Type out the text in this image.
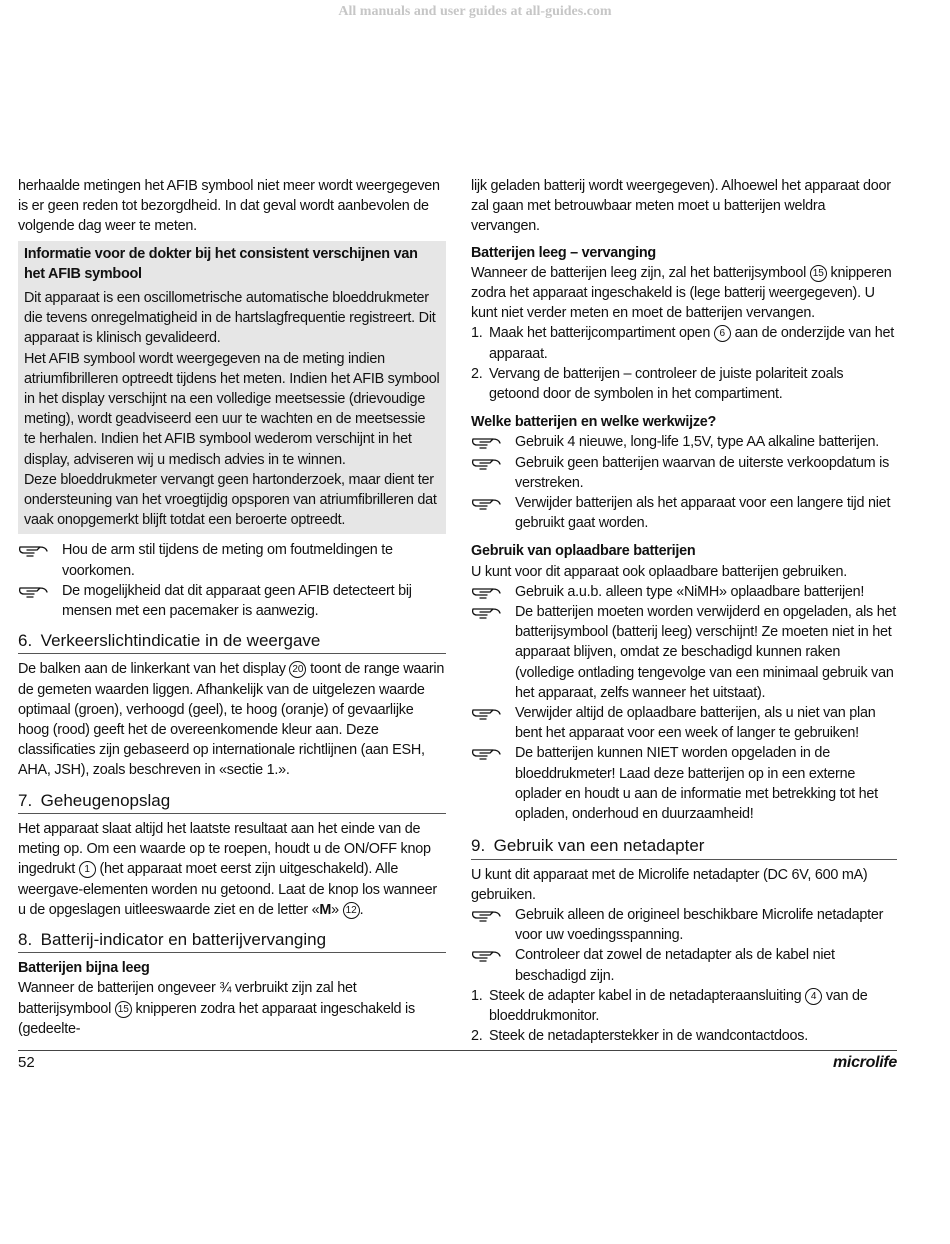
All manuals and user guides at all-guides.com

herhaalde metingen het AFIB symbool niet meer wordt weergegeven is er geen reden tot bezorgdheid. In dat geval wordt aanbevolen de volgende dag weer te meten.

Informatie voor de dokter bij het consistent verschijnen van het AFIB symbool

Dit apparaat is een oscillometrische automatische bloeddrukmeter die tevens onregelmatigheid in de hartslagfrequentie registreert. Dit apparaat is klinisch gevalideerd.

Het AFIB symbool wordt weergegeven na de meting indien atriumfibrilleren optreedt tijdens het meten. Indien het AFIB symbool in het display verschijnt na een volledige meetsessie (drievoudige meting), wordt geadviseerd een uur te wachten en de meetsessie te herhalen. Indien het AFIB symbool wederom verschijnt in het display, adviseren wij u medisch advies in te winnen.

Deze bloeddrukmeter vervangt geen hartonderzoek, maar dient ter ondersteuning van het vroegtijdig opsporen van atriumfibrilleren dat vaak onopgemerkt blijft totdat een beroerte optreedt.

Hou de arm stil tijdens de meting om foutmeldingen te voorkomen.
De mogelijkheid dat dit apparaat geen AFIB detecteert bij mensen met een pacemaker is aanwezig.
6. Verkeerslichtindicatie in de weergave

De balken aan de linkerkant van het display 20 toont de range waarin de gemeten waarden liggen. Afhankelijk van de uitgelezen waarde optimaal (groen), verhoogd (geel), te hoog (oranje) of gevaarlijke hoog (rood) geeft het de overeenkomende kleur aan. Deze classificaties zijn gebaseerd op internationale richtlijnen (aan ESH, AHA, JSH), zoals beschreven in «sectie 1.».

7. Geheugenopslag

Het apparaat slaat altijd het laatste resultaat aan het einde van de meting op. Om een waarde op te roepen, houdt u de ON/OFF knop ingedrukt 1 (het apparaat moet eerst zijn uitgeschakeld). Alle weergave-elementen worden nu getoond. Laat de knop los wanneer u de opgeslagen uitleeswaarde ziet en de letter «M» 12 .

8. Batterij-indicator en batterijvervanging

Batterijen bijna leeg

Wanneer de batterijen ongeveer ¾ verbruikt zijn zal het batterijsymbool 15 knipperen zodra het apparaat ingeschakeld is (gedeelte-

lijk geladen batterij wordt weergegeven). Alhoewel het apparaat door zal gaan met betrouwbaar meten moet u batterijen weldra vervangen.

Batterijen leeg – vervanging

Wanneer de batterijen leeg zijn, zal het batterijsymbool 15 knipperen zodra het apparaat ingeschakeld is (lege batterij weergegeven). U kunt niet verder meten en moet de batterijen vervangen.

1. Maak het batterijcompartiment open 6 aan de onderzijde van het apparaat.
2. Vervang de batterijen – controleer de juiste polariteit zoals getoond door de symbolen in het compartiment.

Welke batterijen en welke werkwijze?

Gebruik 4 nieuwe, long-life 1,5V, type AA alkaline batterijen.
Gebruik geen batterijen waarvan de uiterste verkoopdatum is verstreken.
Verwijder batterijen als het apparaat voor een langere tijd niet gebruikt gaat worden.

Gebruik van oplaadbare batterijen

U kunt voor dit apparaat ook oplaadbare batterijen gebruiken.

Gebruik a.u.b. alleen type «NiMH» oplaadbare batterijen!
De batterijen moeten worden verwijderd en opgeladen, als het batterijsymbool (batterij leeg) verschijnt! Ze moeten niet in het apparaat blijven, omdat ze beschadigd kunnen raken (volledige ontlading tengevolge van een minimaal gebruik van het apparaat, zelfs wanneer het uitstaat).
Verwijder altijd de oplaadbare batterijen, als u niet van plan bent het apparaat voor een week of langer te gebruiken!
De batterijen kunnen NIET worden opgeladen in de bloeddrukmeter! Laad deze batterijen op in een externe oplader en houdt u aan de informatie met betrekking tot het opladen, onderhoud en duurzaamheid!
9. Gebruik van een netadapter

U kunt dit apparaat met de Microlife netadapter (DC 6V, 600 mA) gebruiken.

Gebruik alleen de origineel beschikbare Microlife netadapter voor uw voedingsspanning.
Controleer dat zowel de netadapter als de kabel niet beschadigd zijn.
1. Steek de adapter kabel in de netadapteraansluiting 4 van de bloeddrukmonitor.
2. Steek de netadapterstekker in de wandcontactdoos.
52	microlife
